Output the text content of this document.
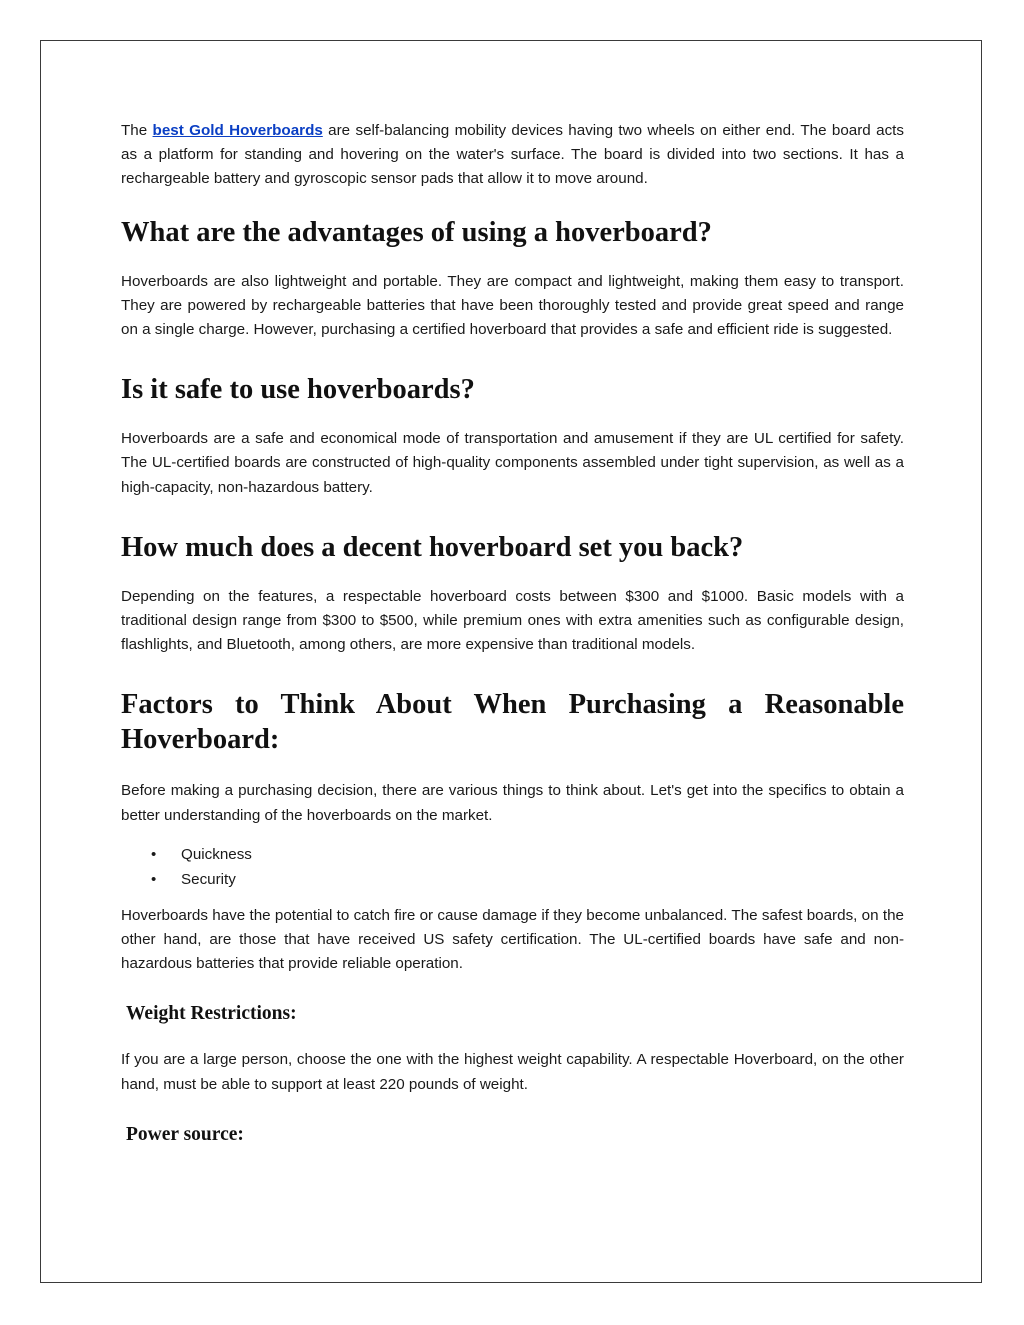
The best Gold Hoverboards are self-balancing mobility devices having two wheels on either end. The board acts as a platform for standing and hovering on the water's surface. The board is divided into two sections. It has a rechargeable battery and gyroscopic sensor pads that allow it to move around.

What are the advantages of using a hoverboard?

Hoverboards are also lightweight and portable. They are compact and lightweight, making them easy to transport. They are powered by rechargeable batteries that have been thoroughly tested and provide great speed and range on a single charge. However, purchasing a certified hoverboard that provides a safe and efficient ride is suggested.

Is it safe to use hoverboards?

Hoverboards are a safe and economical mode of transportation and amusement if they are UL certified for safety. The UL-certified boards are constructed of high-quality components assembled under tight supervision, as well as a high-capacity, non-hazardous battery.

How much does a decent hoverboard set you back?

Depending on the features, a respectable hoverboard costs between $300 and $1000. Basic models with a traditional design range from $300 to $500, while premium ones with extra amenities such as configurable design, flashlights, and Bluetooth, among others, are more expensive than traditional models.

Factors to Think About When Purchasing a Reasonable Hoverboard:

Before making a purchasing decision, there are various things to think about. Let's get into the specifics to obtain a better understanding of the hoverboards on the market.

• Quickness
• Security

Hoverboards have the potential to catch fire or cause damage if they become unbalanced. The safest boards, on the other hand, are those that have received US safety certification. The UL-certified boards have safe and non-hazardous batteries that provide reliable operation.

Weight Restrictions:

If you are a large person, choose the one with the highest weight capability. A respectable Hoverboard, on the other hand, must be able to support at least 220 pounds of weight.

Power source:
